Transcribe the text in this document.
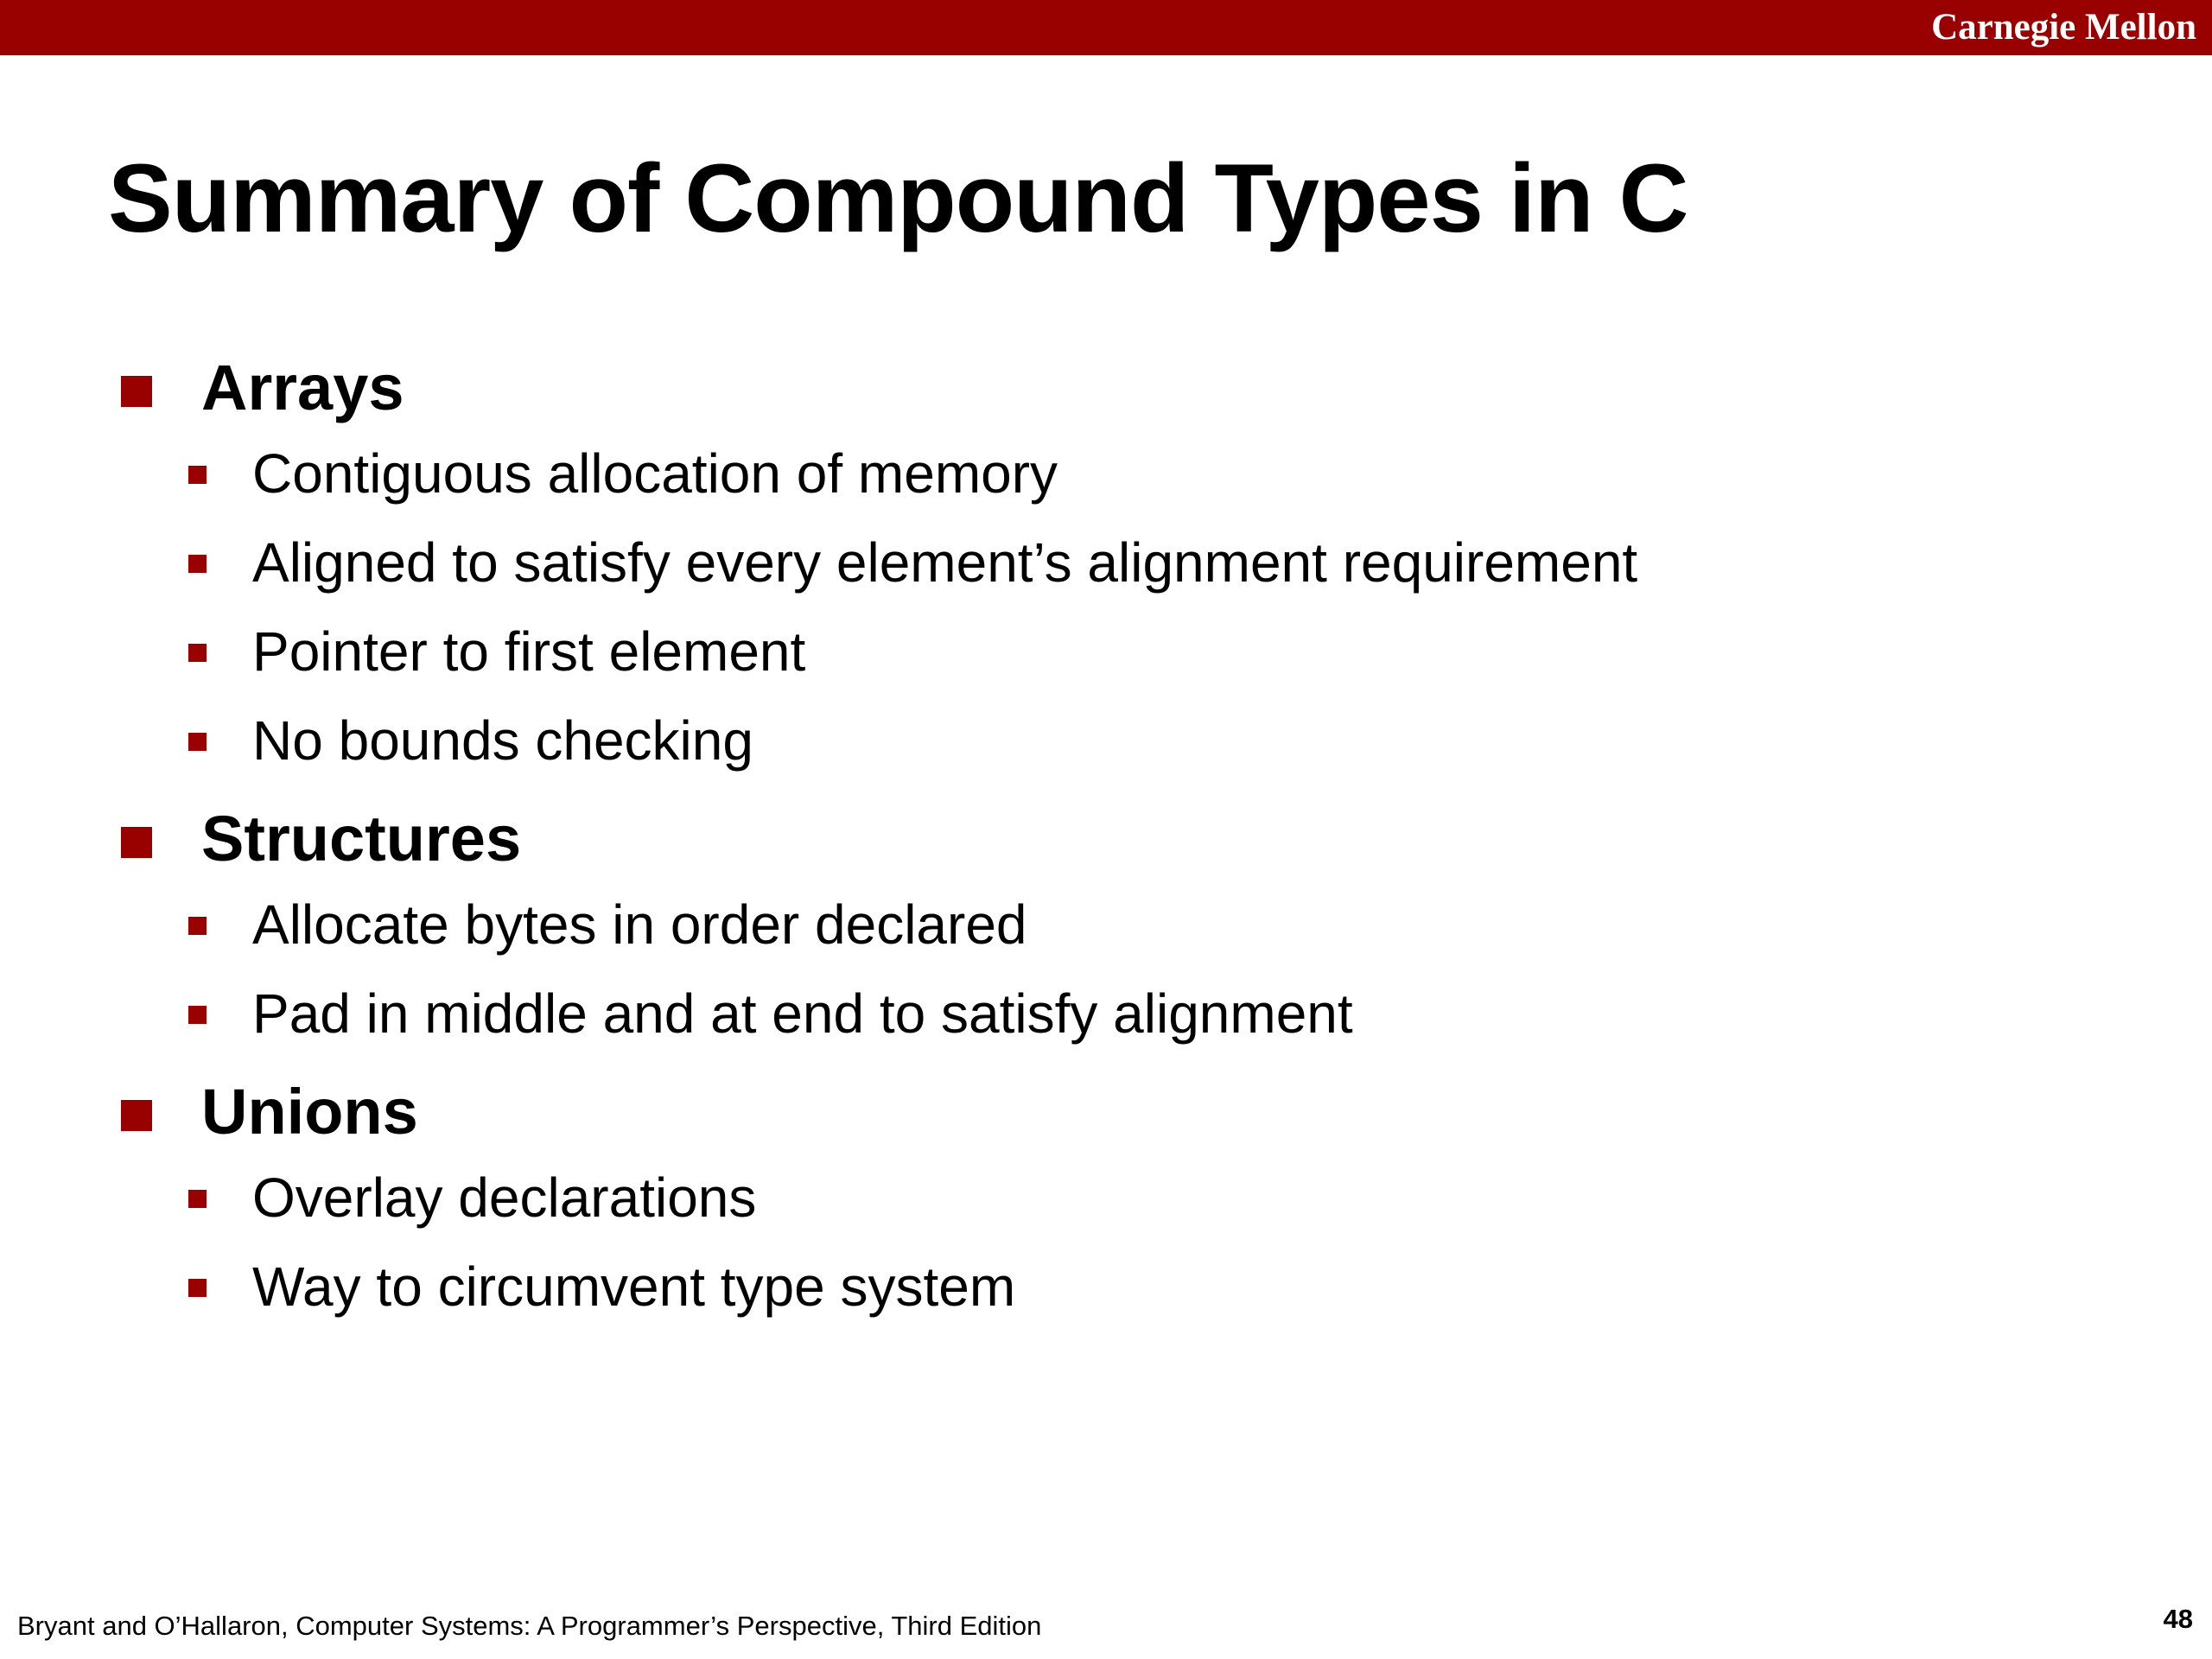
Carnegie Mellon
Summary of Compound Types in C
Arrays
Contiguous allocation of memory
Aligned to satisfy every element’s alignment requirement
Pointer to first element
No bounds checking
Structures
Allocate bytes in order declared
Pad in middle and at end to satisfy alignment
Unions
Overlay declarations
Way to circumvent type system
Bryant and O’Hallaron, Computer Systems: A Programmer’s Perspective, Third Edition	48
